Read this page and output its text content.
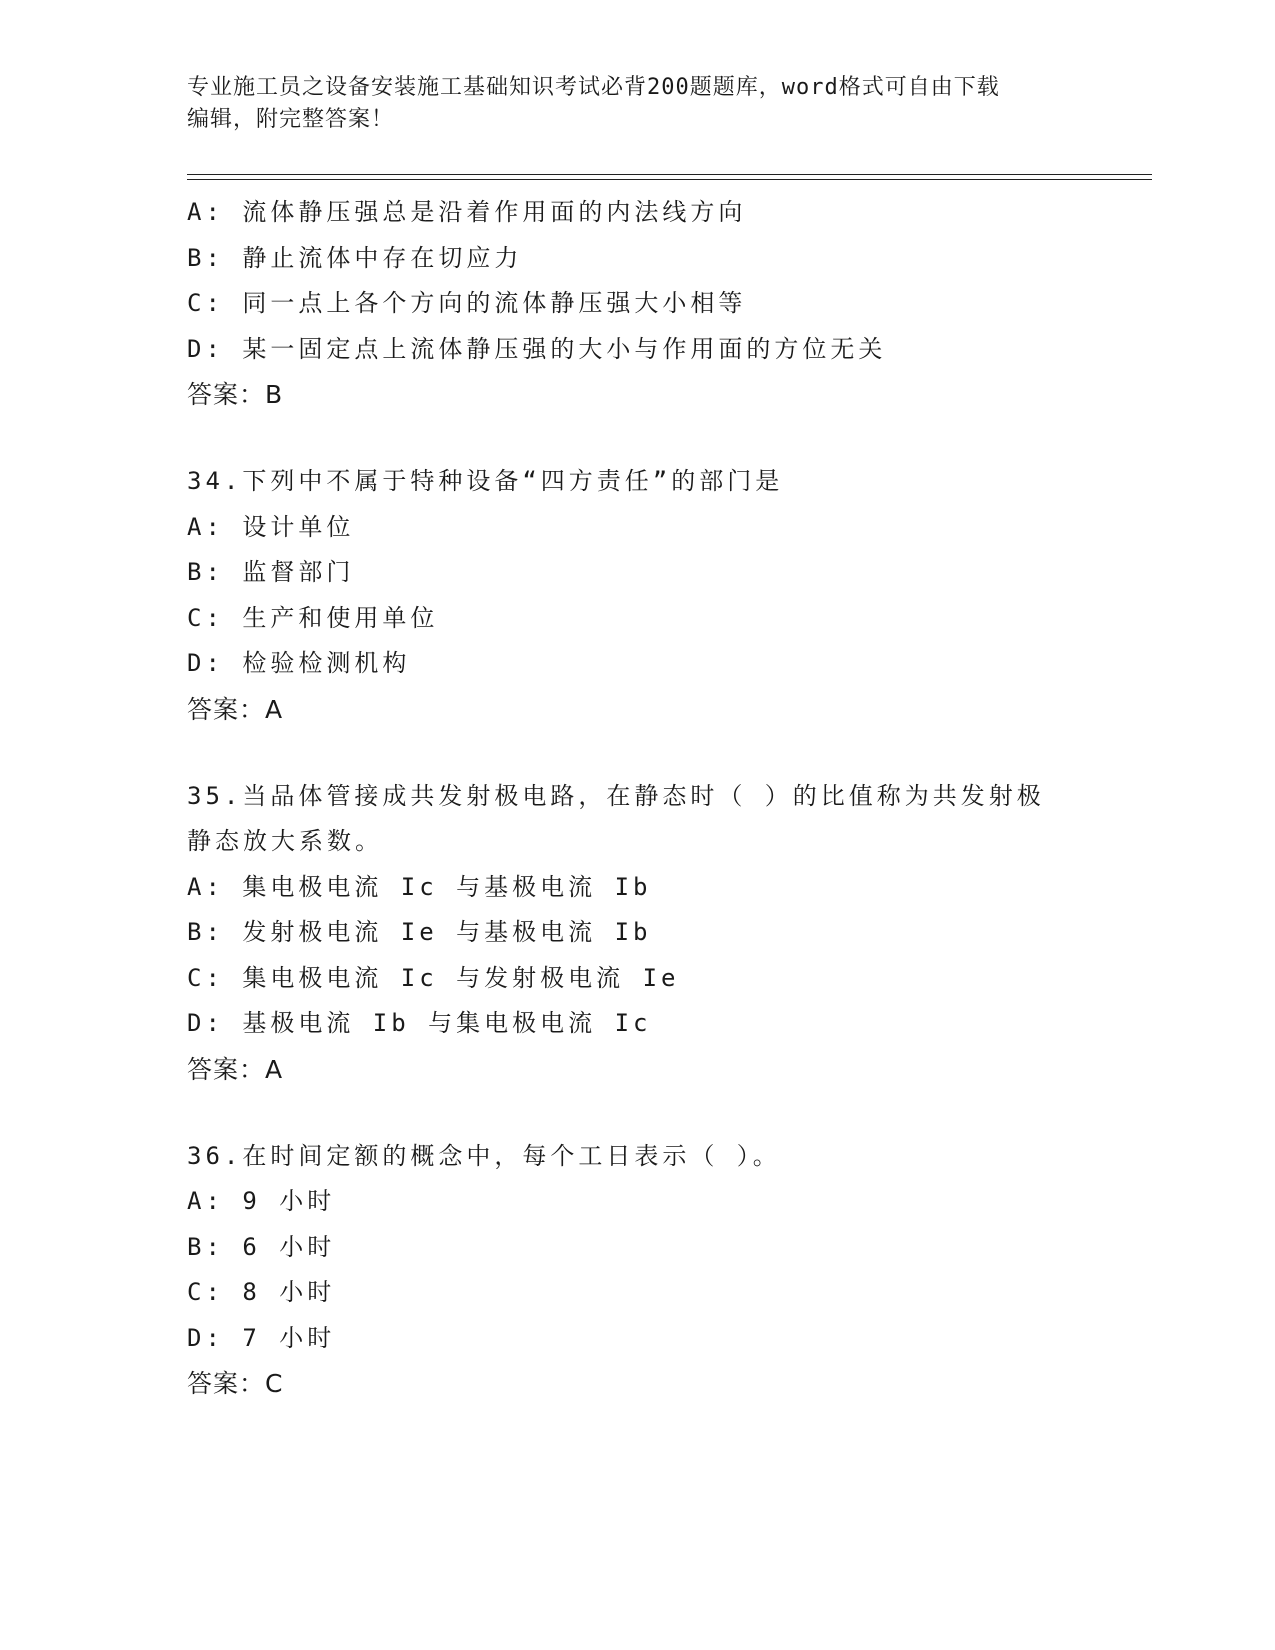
专业施工员之设备安装施工基础知识考试必背200题题库，word格式可自由下载
编辑，附完整答案！
A: 流体静压强总是沿着作用面的内法线方向
B: 静止流体中存在切应力
C: 同一点上各个方向的流体静压强大小相等
D: 某一固定点上流体静压强的大小与作用面的方位无关
答案：B
34.下列中不属于特种设备“四方责任”的部门是
A: 设计单位
B: 监督部门
C: 生产和使用单位
D: 检验检测机构
答案：A
35.当品体管接成共发射极电路，在静态时（ ）的比值称为共发射极
静态放大系数。
A: 集电极电流 Ic 与基极电流 Ib
B: 发射极电流 Ie 与基极电流 Ib
C: 集电极电流 Ic 与发射极电流 Ie
D: 基极电流 Ib 与集电极电流 Ic
答案：A
36.在时间定额的概念中，每个工日表示（ ）。
A: 9 小时
B: 6 小时
C: 8 小时
D: 7 小时
答案：C
